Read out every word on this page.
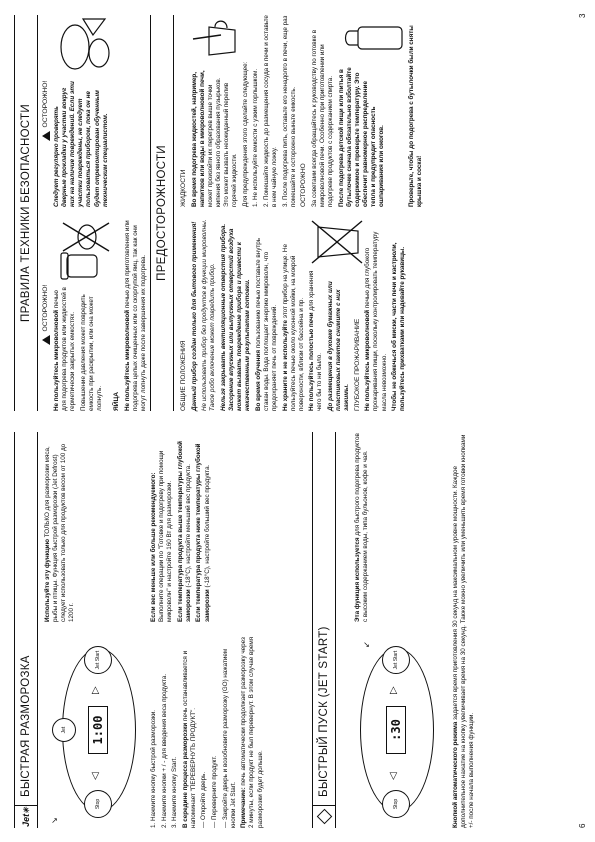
6
Jet
✳
БЫСТРАЯ РАЗМОРОЗКА
Stop
Jet Start
Jet 1:00
◁
▷
↘

Используйте эту функцию ТОЛЬКО для разморозки мяса, рыбы и птицы. Функция быстрой разморозки (Jet Defrost) следует использовать только для продуктов весом от 100 до 1200 г.

1. Нажмите кнопку быстрой разморозки. 2. Нажмите кнопки + / - для введения веса продукта. 3. Нажмите кнопку Start. В середине процесса разморозки печь останавливается и напоминает "ПЕРЕВЕРНУТЬ ПРОДУКТ". — Откройте дверь. — Переверните продукт. — Закройте дверь и возобновите разморозку (GO) нажатием кнопки Jet Start. Примечание: печь автоматически продолжает разморозку через 2 минуты, если продукт не был перевернут. В этом случае время разморозки будет дольше.

Если вес меньше или больше рекомендуемого:
Выполните операции по "Готовке и подогреву при помощи микроволн" и настройте 160 Вт для разморозки. Если температура продукта выше температуры глубокой заморозки (-18°C), настройте меньший вес продукта. Если температура продукта ниже температуры глубокой заморозки (-18°C), настройте больший вес продукта.

БЫСТРЫЙ ПУСК (JET START)
Stop
Jet Start
:30
◁
▷
↙

Эта функция используется для быстрого подогрева продуктов с высоким содержанием воды, типа бульонов, кофе и чая.

Кнопкой автоматического режима задается время приготовления 30 секунд на максимальном уровне мощности. Каждое дополнительное нажатие на кнопку увеличивает время на 30 секунд. Также можно увеличить или уменьшить время готовки кнопками +/- после начала выполнения функции.

3
ПРАВИЛА ТЕХНИКИ БЕЗОПАСНОСТИ ОСТОРОЖНО!

Не пользуйтесь микроволновой печью для подогрева продуктов или жидкостей в герметически закрытых емкостях. Повышение давления может повредить емкость при раскрытии, или она может лопнуть. ЯЙЦА Не пользуйтесь микроволновой печью для приготовления или подогрева целых очищенных или со скорлупой яиц, так как они могут лопнуть даже после завершения их подогрева.

ОСТОРОЖНО!

Следует регулярно проверять дверные прокладки у участки вокруг них на наличие повреждений. Если эти участки повреждены, не следует пользоваться прибором, пока он не будет отремонтирован обученным техническим специалистом.	ПРЕДОСТОРОЖНОСТИ

ОБЩИЕ ПОЛОЖЕНИЯ Данный прибор создан только для бытового применения! Не использовать прибор без продуктов в функции микроволны. Такое робо включение может повредить прибор. Нельзя закрывать вентиляционные отверстия прибора. Засорение впускных или выпускных отверстий воздуха может вызвать повреждение прибора и привести к некачественным результатам готовки. Во время обучения пользованию печью поставьте внутрь стакан воды. Вода поглощает энергию микроволн, что предохраняет печь от повреждений. Не храните и не используйте этот прибор на улице. Не пользуйтесь печью около кухонной мойки, на мокрой поверхности, вблизи от бассейна и пр. Не пользуйтесь полостью печи для хранения чего бы то ни было. До размещения в духовке бумажных или пластиковых пакетов снимите с них зажимы. ГЛУБОКОЕ ПРОЖАРИВАНИЕ Не пользуйтесь микроволновой печью для глубокого прожаривания пищи, поскольку контролировать температуру масла невозможно. Чтобы не обжечься об миски, части печи и кастрюли, пользуйтесь прихватками или надевайте рукавицы.

ЖИДКОСТИ Во время подогрева жидкостей, например, напитков или воды в микроволновой печи, может произойти их перегрев выше точки кипения без явного образования пузырьков. Это может вызвать неожиданный перелив горячей жидкости. Для предупреждения этого сделайте следующее: 1. Не используйте емкости с узким горлышком. 2. Помешайте жидкость до размещения сосуда в печи и оставьте в нем чайную ложку. 3. После подогрева пить, оставьте его ненадолго в печи, еще раз помешайте и осторожно выньте емкость. ОСТОРОЖНО За советами всегда обращайтесь к руководству по готовке в микроволновой печи. Особенно при приготовлении или подогреве продуктов с содержанием спирта. После подогрева детской пищи или питья в бутылочке сначала обязательно взболтайте содержимое и проверьте температуру. Это обеспечит равномерное распределение тепла и предупредит опасность ошпаривания или ожогов.	Проверьте, чтобы до подогрева с бутылочки были сняты крышка и соска!
